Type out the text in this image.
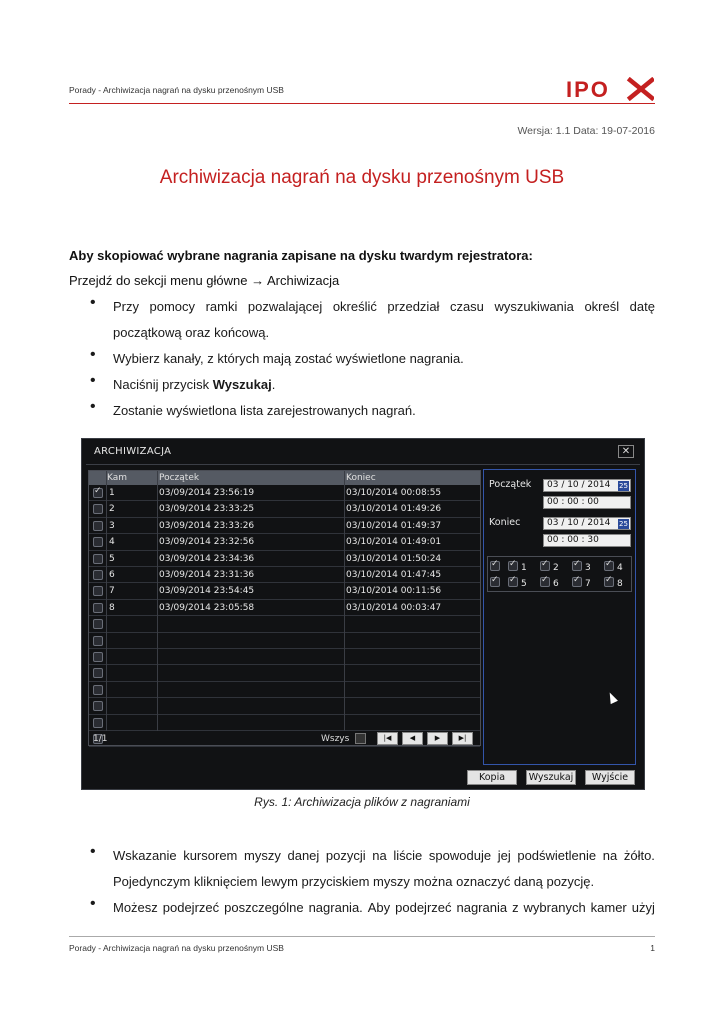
Porady - Archiwizacja nagrań na dysku przenośnym USB	IPO
Wersja: 1.1 Data: 19-07-2016
Archiwizacja nagrań na dysku przenośnym USB
Aby skopiować wybrane nagrania zapisane na dysku twardym rejestratora:
Przejdź do sekcji menu główne → Archiwizacja
• Przy pomocy ramki pozwalającej określić przedział czasu wyszukiwania określ datę
początkową oraz końcową.
• Wybierz kanały, z których mają zostać wyświetlone nagrania.
• Naciśnij przycisk Wyszukaj.
• Zostanie wyświetlona lista zarejestrowanych nagrań.
ARCHIWIZACJA	✕
Kam	Początek	Koniec
✓
1	03/09/2014 23:56:19	03/10/2014 00:08:55
2	03/09/2014 23:33:25	03/10/2014 01:49:26
3	03/09/2014 23:33:26	03/10/2014 01:49:37
4	03/09/2014 23:32:56	03/10/2014 01:49:01
5	03/09/2014 23:34:36	03/10/2014 01:50:24
6	03/09/2014 23:31:36	03/10/2014 01:47:45
7	03/09/2014 23:54:45	03/10/2014 00:11:56
8	03/09/2014 23:05:58	03/10/2014 00:03:47
1/1	Wszys	|◀	◀	▶	▶|
Początek	03 / 10 / 2014 25
00 : 00 : 00
Koniec	03 / 10 / 2014 25
00 : 00 : 30
✓
✓1 ✓	2 ✓	3 ✓	4
✓5 ✓	6 ✓	7 ✓	8
✓
Kopia	Wyszukaj	Wyjście
Rys. 1: Archiwizacja plików z nagraniami
• Wskazanie kursorem myszy danej pozycji na liście spowoduje jej podświetlenie na żółto.
Pojedynczym kliknięciem lewym przyciskiem myszy można oznaczyć daną pozycję.
• Możesz podejrzeć poszczególne nagrania. Aby podejrzeć nagrania z wybranych kamer użyj
Porady - Archiwizacja nagrań na dysku przenośnym USB	1
